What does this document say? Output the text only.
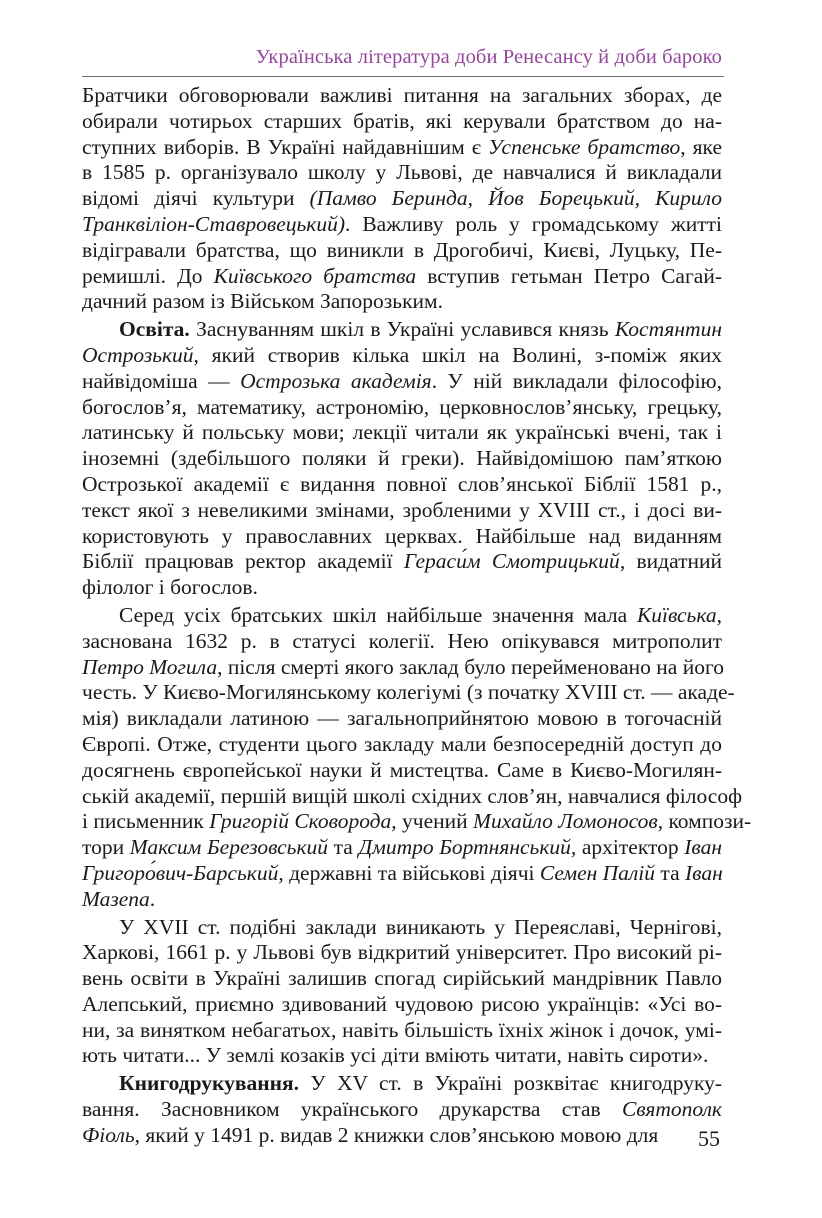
Українська література доби Ренесансу й доби бароко
Братчики обговорювали важливі питання на загальних зборах, де
обирали чотирьох старших братів, які керували братством до на-
ступних виборів. В Україні найдавнішим є Успенське братство, яке
в 1585 р. організувало школу у Львові, де навчалися й викладали
відомі діячі культури (Памво Беринда, Йов Борецький, Кирило
Транквіліон-Ставровецький). Важливу роль у громадському житті
відігравали братства, що виникли в Дрогобичі, Києві, Луцьку, Пе-
ремишлі. До Київського братства вступив гетьман Петро Сагай-
дачний разом із Військом Запорозьким.
Освіта. Заснуванням шкіл в Україні уславився князь Костянтин
Острозький, який створив кілька шкіл на Волині, з-поміж яких
найвідоміша — Острозька академія. У ній викладали філософію,
богослов’я, математику, астрономію, церковнослов’янську, грецьку,
латинську й польську мови; лекції читали як українські вчені, так і
іноземні (здебільшого поляки й греки). Найвідомішою пам’яткою
Острозької академії є видання повної слов’янської Біблії 1581 р.,
текст якої з невеликими змінами, зробленими у XVIII ст., і досі ви-
користовують у православних церквах. Найбільше над виданням
Біблії працював ректор академії Гераси́м Смотрицький, видатний
філолог і богослов.
Серед усіх братських шкіл найбільше значення мала Київська,
заснована 1632 р. в статусі колегії. Нею опікувався митрополит
Петро Могила, після смерті якого заклад було перейменовано на його
честь. У Києво-Могилянському колегіумі (з початку XVIII ст. — акаде-
мія) викладали латиною — загальноприйнятою мовою в тогочасній
Європі. Отже, студенти цього закладу мали безпосередній доступ до
досягнень європейської науки й мистецтва. Саме в Києво-Могилян-
ській академії, першій вищій школі східних слов’ян, навчалися філософ
і письменник Григорій Сковорода, учений Михайло Ломоносов, компози-
тори Максим Березовський та Дмитро Бортнянський, архітектор Іван
Григоро́вич-Барський, державні та військові діячі Семен Палій та Іван
Мазепа.
У XVII ст. подібні заклади виникають у Переяславі, Чернігові,
Харкові, 1661 р. у Львові був відкритий університет. Про високий рі-
вень освіти в Україні залишив спогад сирійський мандрівник Павло
Алепський, приємно здивований чудовою рисою українців: «Усі во-
ни, за винятком небагатьох, навіть більшість їхніх жінок і дочок, умі-
ють читати... У землі козаків усі діти вміють читати, навіть сироти».
Книгодрукування. У XV ст. в Україні розквітає книгодруку-
вання. Засновником українського друкарства став Святополк
Фіоль, який у 1491 р. видав 2 книжки слов’янською мовою для	55
